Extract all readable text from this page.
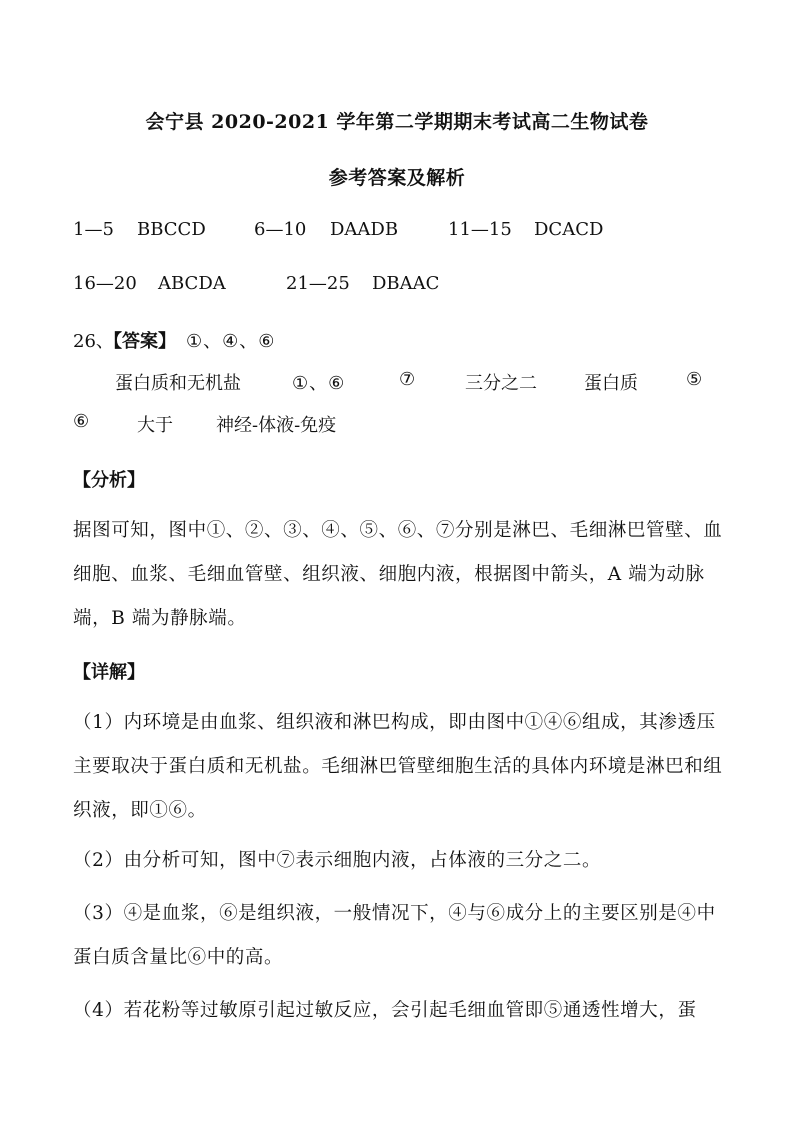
会宁县 2020-2021 学年第二学期期末考试高二生物试卷
参考答案及解析
1—5 BBCCD	6—10 DAADB	11—15 DCACD
16—20 ABCDA	21—25 DBAAC
26、
【答案】 ①、④、⑥
蛋白质和无机盐	①、⑥	⑦	三分之二	蛋白质	⑤
⑥	大于 神经-体液-免疫
【分析】
据图可知，图中①、②、③、④、⑤、⑥、⑦分别是淋巴、毛细淋巴管壁、血细胞、血浆、毛细血管壁、组织液、细胞内液，根据图中箭头，A 端为动脉端，B 端为静脉端。
【详解】
（1）内环境是由血浆、组织液和淋巴构成，即由图中①④⑥组成，其渗透压主要取决于蛋白质和无机盐。毛细淋巴管壁细胞生活的具体内环境是淋巴和组织液，即①⑥。
（2）由分析可知，图中⑦表示细胞内液，占体液的三分之二。
（3）④是血浆，⑥是组织液，一般情况下，④与⑥成分上的主要区别是④中蛋白质含量比⑥中的高。
（4）若花粉等过敏原引起过敏反应，会引起毛细血管即⑤通透性增大，蛋
